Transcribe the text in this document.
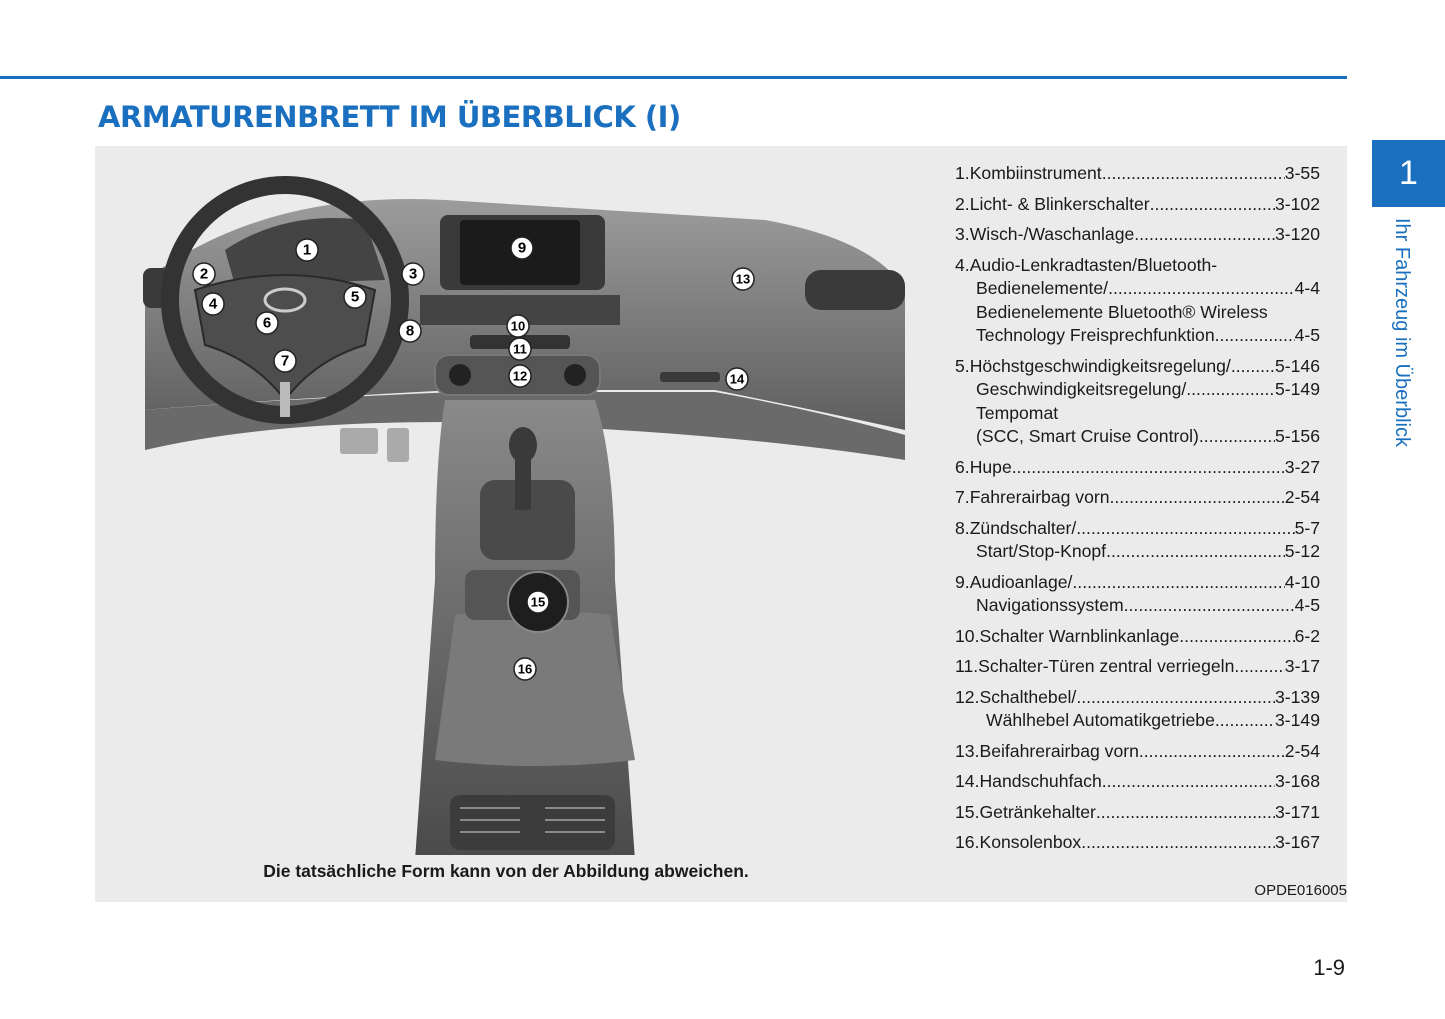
ARMATURENBRETT IM ÜBERBLICK (I)
1
Ihr Fahrzeug im Überblick
1
2	3
4	5
6
7
8
9
10
11
12
13
14
15
16
Die tatsächliche Form kann von der Abbildung abweichen.
OPDE016005
1. Kombiinstrument .....	3-55
2. Licht- & Blinkerschalter .....	3-102
3. Wisch-/Waschanlage .....	3-120
4. Audio-Lenkradtasten/Bluetooth-
Bedienelemente/ .....	4-4
Bedienelemente Bluetooth® Wireless
Technology Freisprechfunktion .....	4-5
5. Höchstgeschwindigkeitsregelung/ .....	5-146
Geschwindigkeitsregelung/ .....	5-149
Tempomat
(SCC, Smart Cruise Control) .....	5-156
6. Hupe .....	3-27
7. Fahrerairbag vorn .....	2-54
8. Zündschalter/ .....	5-7
Start/Stop-Knopf .....	5-12
9. Audioanlage/ .....	4-10
Navigationssystem .....	4-5
10. Schalter Warnblinkanlage .....	6-2
11. Schalter-Türen zentral verriegeln .....	3-17
12. Schalthebel/ .....	3-139
Wählhebel Automatikgetriebe .....	3-149
13. Beifahrerairbag vorn .....	2-54
14. Handschuhfach .....	3-168
15. Getränkehalter .....	3-171
16. Konsolenbox .....	3-167
1-9
